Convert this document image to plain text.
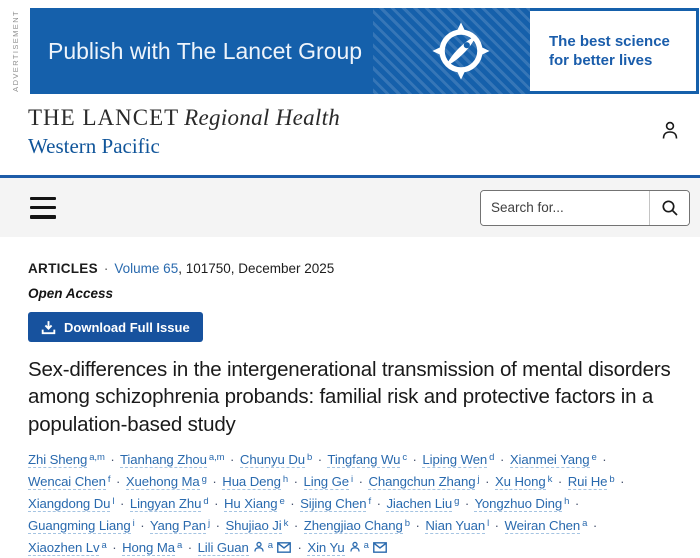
ADVERTISEMENT	Publish with The Lancet Group	The best science
for better lives
THE LANCET Regional Health
Western Pacific
Search for...
ARTICLES · Volume 65, 101750, December 2025
Open Access
Download Full Issue
Sex-differences in the intergenerational transmission of mental disorders among schizophrenia probands: familial risk and protective factors in a population-based study
Zhi Sheng $^{a,m}$ · Tianhang Zhou $^{a,m}$ · Chunyu Du $^b$ · Tingfang Wu $^c$ · Liping Wen $^d$ · Xianmei Yang $^e$ · Wencai Chen $^f$ · Xuehong Ma $^g$ · Hua Deng $^h$ · Ling Ge $^i$ · Changchun Zhang $^j$ · Xu Hong $^k$ · Rui He $^b$ · Xiangdong Du $^l$ · Lingyan Zhu $^d$ · Hu Xiang $^e$ · Sijing Chen $^f$ · Jiachen Liu $^g$ · Yongzhuo Ding $^h$ · Guangming Liang $^i$ · Yang Pan $^j$ · Shujiao Ji $^k$ · Zhengjiao Chang $^b$ · Nian Yuan $^l$ · Weiran Chen $^a$ · Xiaozhen Lv $^a$ · Hong Ma $^a$ · Lili Guan $^a$ · Xin Yu $^a$
